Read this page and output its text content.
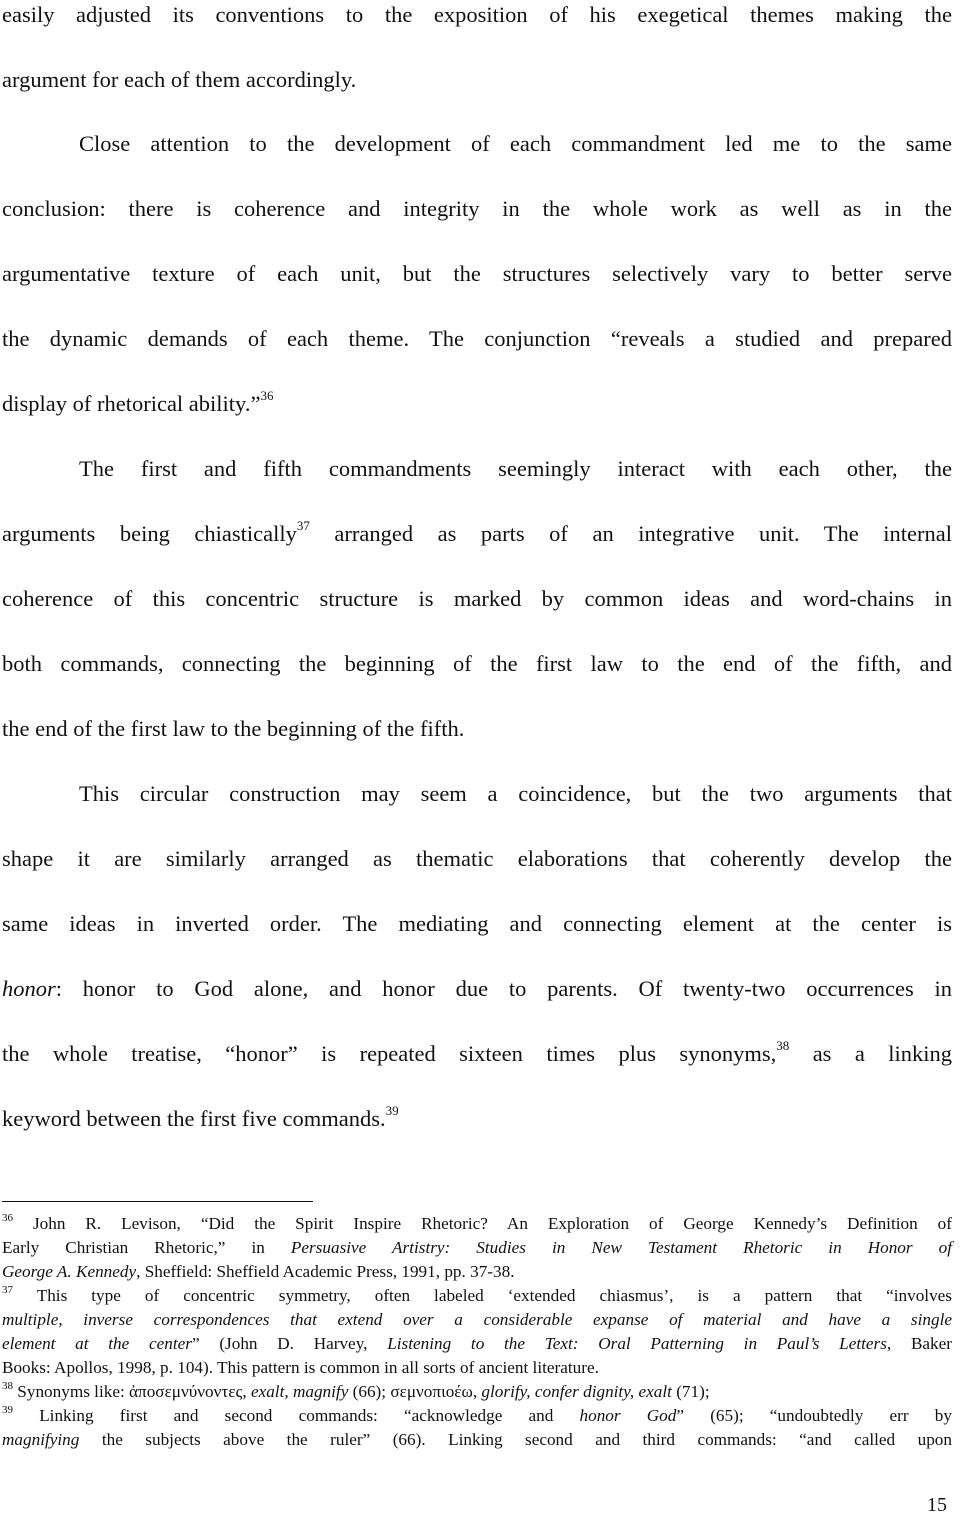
easily adjusted its conventions to the exposition of his exegetical themes making the
argument for each of them accordingly.
Close attention to the development of each commandment led me to the same
conclusion: there is coherence and integrity in the whole work as well as in the
argumentative texture of each unit, but the structures selectively vary to better serve
the dynamic demands of each theme. The conjunction “reveals a studied and prepared
display of rhetorical ability.”$^{36}$
The first and fifth commandments seemingly interact with each other, the
arguments being chiastically$^{37}$ arranged as parts of an integrative unit. The internal
coherence of this concentric structure is marked by common ideas and word-chains in
both commands, connecting the beginning of the first law to the end of the fifth, and
the end of the first law to the beginning of the fifth.
This circular construction may seem a coincidence, but the two arguments that
shape it are similarly arranged as thematic elaborations that coherently develop the
same ideas in inverted order. The mediating and connecting element at the center is
honor: honor to God alone, and honor due to parents. Of twenty-two occurrences in
the whole treatise, “honor” is repeated sixteen times plus synonyms,$^{38}$ as a linking
keyword between the first five commands.$^{39}$
$^{36}$ John R. Levison, “Did the Spirit Inspire Rhetoric? An Exploration of George Kennedy’s Definition of
Early Christian Rhetoric,” in Persuasive Artistry: Studies in New Testament Rhetoric in Honor of
George A. Kennedy, Sheffield: Sheffield Academic Press, 1991, pp. 37-38.
$^{37}$ This type of concentric symmetry, often labeled ‘extended chiasmus’, is a pattern that “involves
multiple, inverse correspondences that extend over a considerable expanse of material and have a single
element at the center” (John D. Harvey, Listening to the Text: Oral Patterning in Paul’s Letters, Baker
Books: Apollos, 1998, p. 104). This pattern is common in all sorts of ancient literature.
$^{38}$ Synonyms like: ἀποσεμνύνοντες, exalt, magnify (66); σεμνοπιοέω, glorify, confer dignity, exalt (71);
$^{39}$ Linking first and second commands: “acknowledge and honor God” (65); “undoubtedly err by
magnifying the subjects above the ruler” (66). Linking second and third commands: “and called upon
15
